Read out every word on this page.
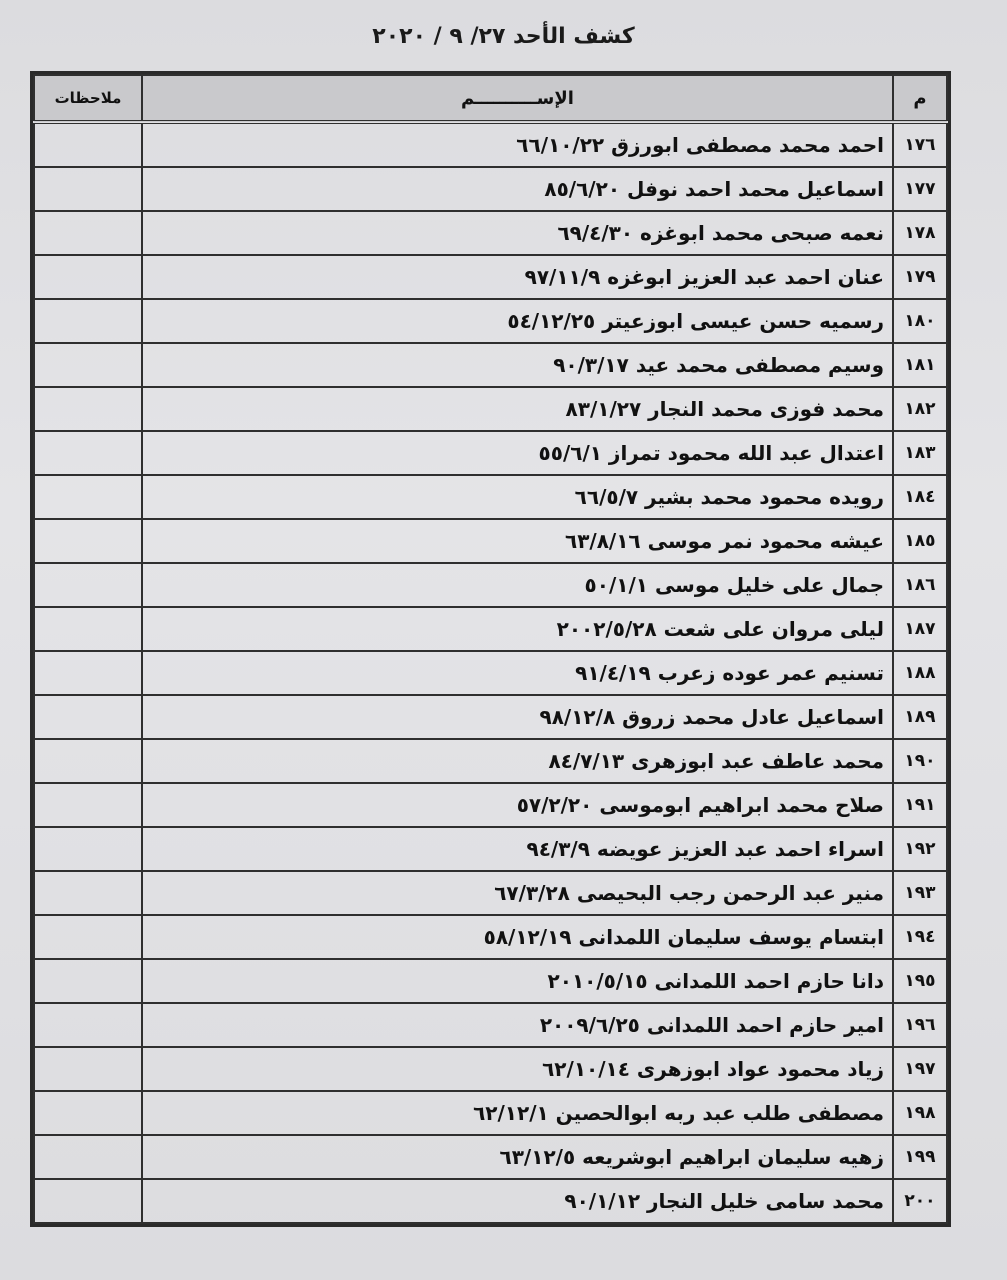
كشف الأحد ٢٧/ ٩ / ٢٠٢٠
م	الإســــــــــم	ملاحظات
١٧٦	احمد محمد مصطفى ابورزق ٦٦/١٠/٢٢	
١٧٧	اسماعيل محمد احمد نوفل ٨٥/٦/٢٠	
١٧٨	نعمه صبحى محمد ابوغزه ٦٩/٤/٣٠	
١٧٩	عنان احمد عبد العزيز ابوغزه ٩٧/١١/٩	
١٨٠	رسميه حسن عيسى ابوزعيتر ٥٤/١٢/٢٥	
١٨١	وسيم مصطفى محمد عيد ٩٠/٣/١٧	
١٨٢	محمد فوزى محمد النجار ٨٣/١/٢٧	
١٨٣	اعتدال عبد الله محمود تمراز ٥٥/٦/١	
١٨٤	رويده محمود محمد بشير ٦٦/٥/٧	
١٨٥	عيشه محمود نمر موسى ٦٣/٨/١٦	
١٨٦	جمال على خليل موسى ٥٠/١/١	
١٨٧	ليلى مروان على شعت ٢٠٠٢/٥/٢٨	
١٨٨	تسنيم عمر عوده زعرب ٩١/٤/١٩	
١٨٩	اسماعيل عادل محمد زروق ٩٨/١٢/٨	
١٩٠	محمد عاطف عبد ابوزهرى ٨٤/٧/١٣	
١٩١	صلاح محمد ابراهيم ابوموسى ٥٧/٢/٢٠	
١٩٢	اسراء احمد عبد العزيز عويضه ٩٤/٣/٩	
١٩٣	منير عبد الرحمن رجب البحيصى ٦٧/٣/٢٨	
١٩٤	ابتسام يوسف سليمان اللمدانى ٥٨/١٢/١٩	
١٩٥	دانا حازم احمد اللمدانى ٢٠١٠/٥/١٥	
١٩٦	امير حازم احمد اللمدانى ٢٠٠٩/٦/٢٥	
١٩٧	زياد محمود عواد ابوزهرى ٦٢/١٠/١٤	
١٩٨	مصطفى طلب عبد ربه ابوالحصين ٦٢/١٢/١	
١٩٩	زهيه سليمان ابراهيم ابوشريعه ٦٣/١٢/٥	
٢٠٠	محمد سامى خليل النجار ٩٠/١/١٢	
